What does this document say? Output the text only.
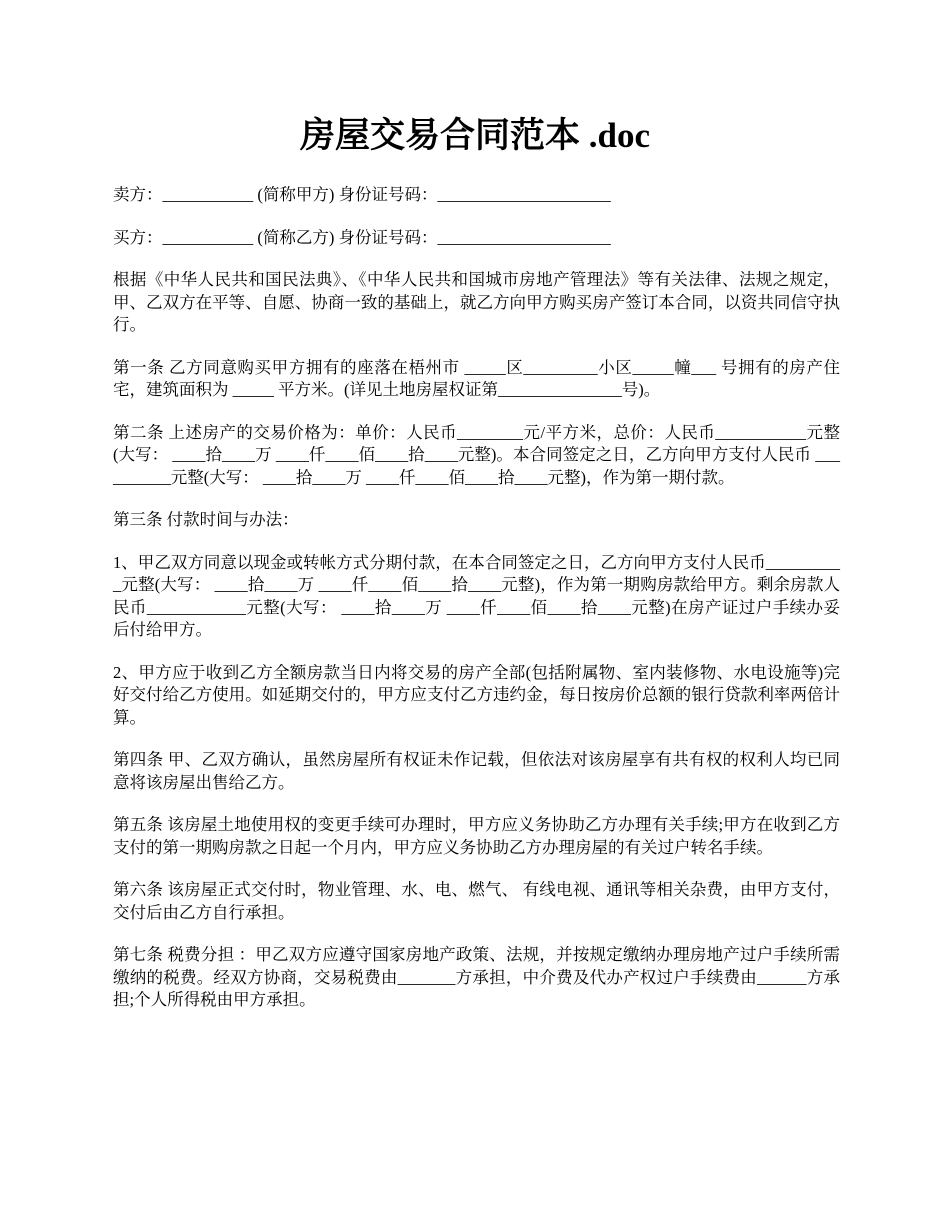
房屋交易合同范本 .doc

卖方：___________ (简称甲方) 身份证号码：_____________________

买方：___________ (简称乙方) 身份证号码：_____________________

根据《中华人民共和国民法典》、《中华人民共和国城市房地产管理法》等有关法律、法规之规定，甲、乙双方在平等、自愿、协商一致的基础上，就乙方向甲方购买房产签订本合同，以资共同信守执行。

第一条 乙方同意购买甲方拥有的座落在梧州市 _____区_________小区_____幢___ 号拥有的房产住宅，建筑面积为 _____ 平方米。(详见土地房屋权证第_______________号)。

第二条 上述房产的交易价格为：单价：人民币________元/平方米，总价：人民币___________元整(大写： ____拾____万 ____仟____佰____拾____元整)。本合同签定之日，乙方向甲方支付人民币 __________元整(大写： ____拾____万 ____仟____佰____拾____元整)，作为第一期付款。

第三条 付款时间与办法：

1、甲乙双方同意以现金或转帐方式分期付款，在本合同签定之日，乙方向甲方支付人民币__________元整(大写： ____拾____万 ____仟____佰____拾____元整)，作为第一期购房款给甲方。剩余房款人民币____________元整(大写： ____拾____万 ____仟____佰____拾____元整)在房产证过户手续办妥后付给甲方。

2、甲方应于收到乙方全额房款当日内将交易的房产全部(包括附属物、室内装修物、水电设施等)完好交付给乙方使用。如延期交付的，甲方应支付乙方违约金，每日按房价总额的银行贷款利率两倍计算。

第四条 甲、乙双方确认，虽然房屋所有权证未作记载，但依法对该房屋享有共有权的权利人均已同意将该房屋出售给乙方。

第五条 该房屋土地使用权的变更手续可办理时，甲方应义务协助乙方办理有关手续;甲方在收到乙方支付的第一期购房款之日起一个月内，甲方应义务协助乙方办理房屋的有关过户转名手续。

第六条 该房屋正式交付时，物业管理、水、电、燃气、 有线电视、通讯等相关杂费，由甲方支付，交付后由乙方自行承担。

第七条 税费分担 ：甲乙双方应遵守国家房地产政策、法规，并按规定缴纳办理房地产过户手续所需缴纳的税费。经双方协商，交易税费由_______方承担，中介费及代办产权过户手续费由______方承担;个人所得税由甲方承担。
